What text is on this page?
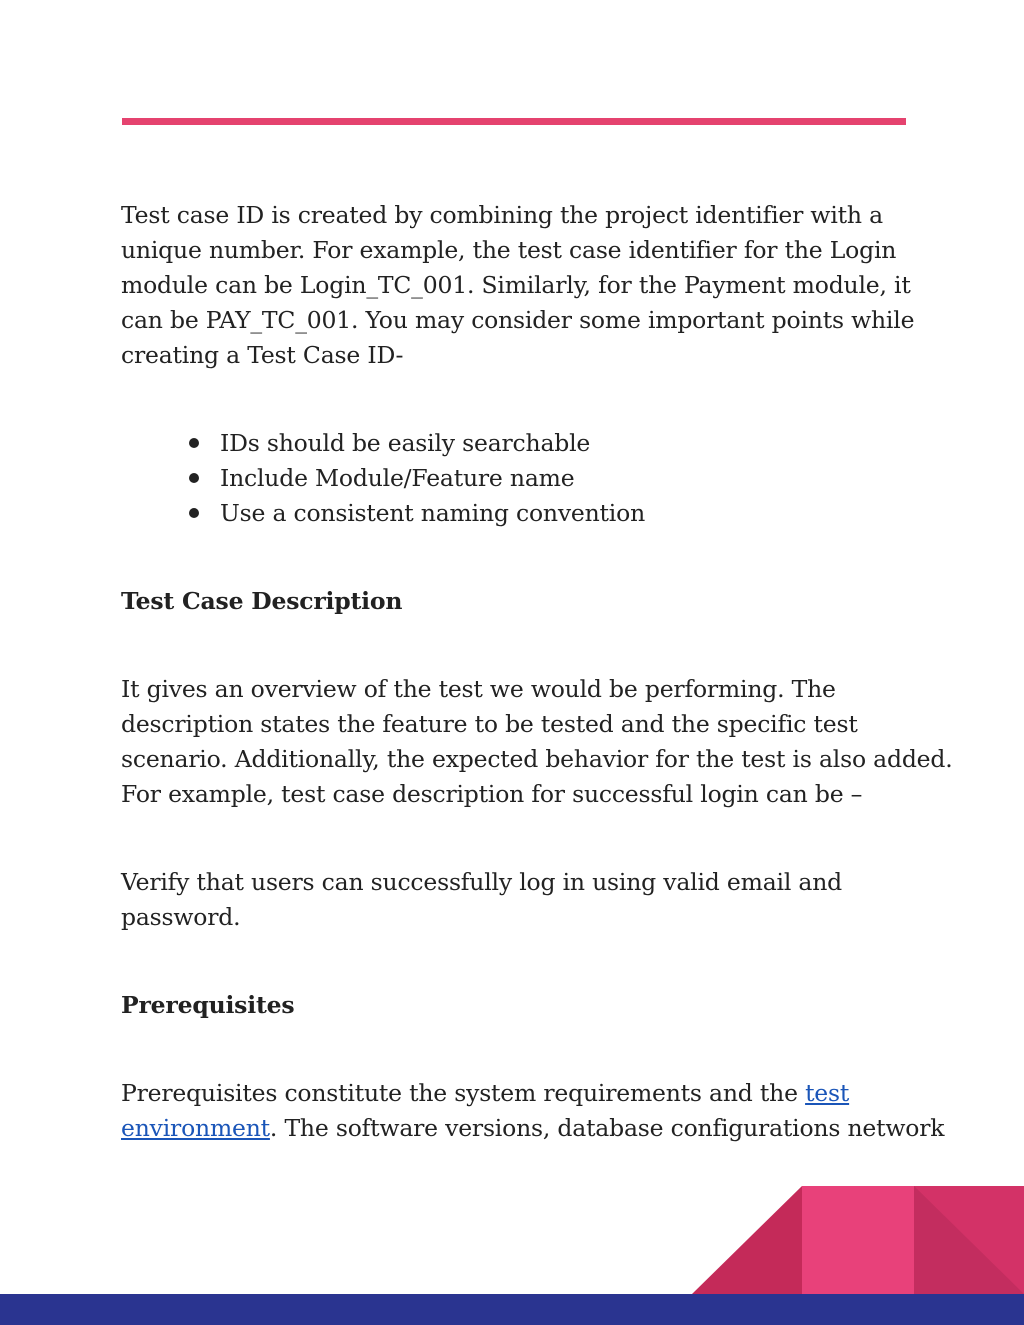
Test case ID is created by combining the project identifier with a
unique number. For example, the test case identifier for the Login
module can be Login_TC_001. Similarly, for the Payment module, it
can be PAY_TC_001. You may consider some important points while
creating a Test Case ID-

IDs should be easily searchable
Include Module/Feature name
Use a consistent naming convention
Test Case Description

It gives an overview of the test we would be performing. The
description states the feature to be tested and the specific test
scenario. Additionally, the expected behavior for the test is also added.
For example, test case description for successful login can be –

Verify that users can successfully log in using valid email and
password.

Prerequisites

Prerequisites constitute the system requirements and the test
environment. The software versions, database configurations network
